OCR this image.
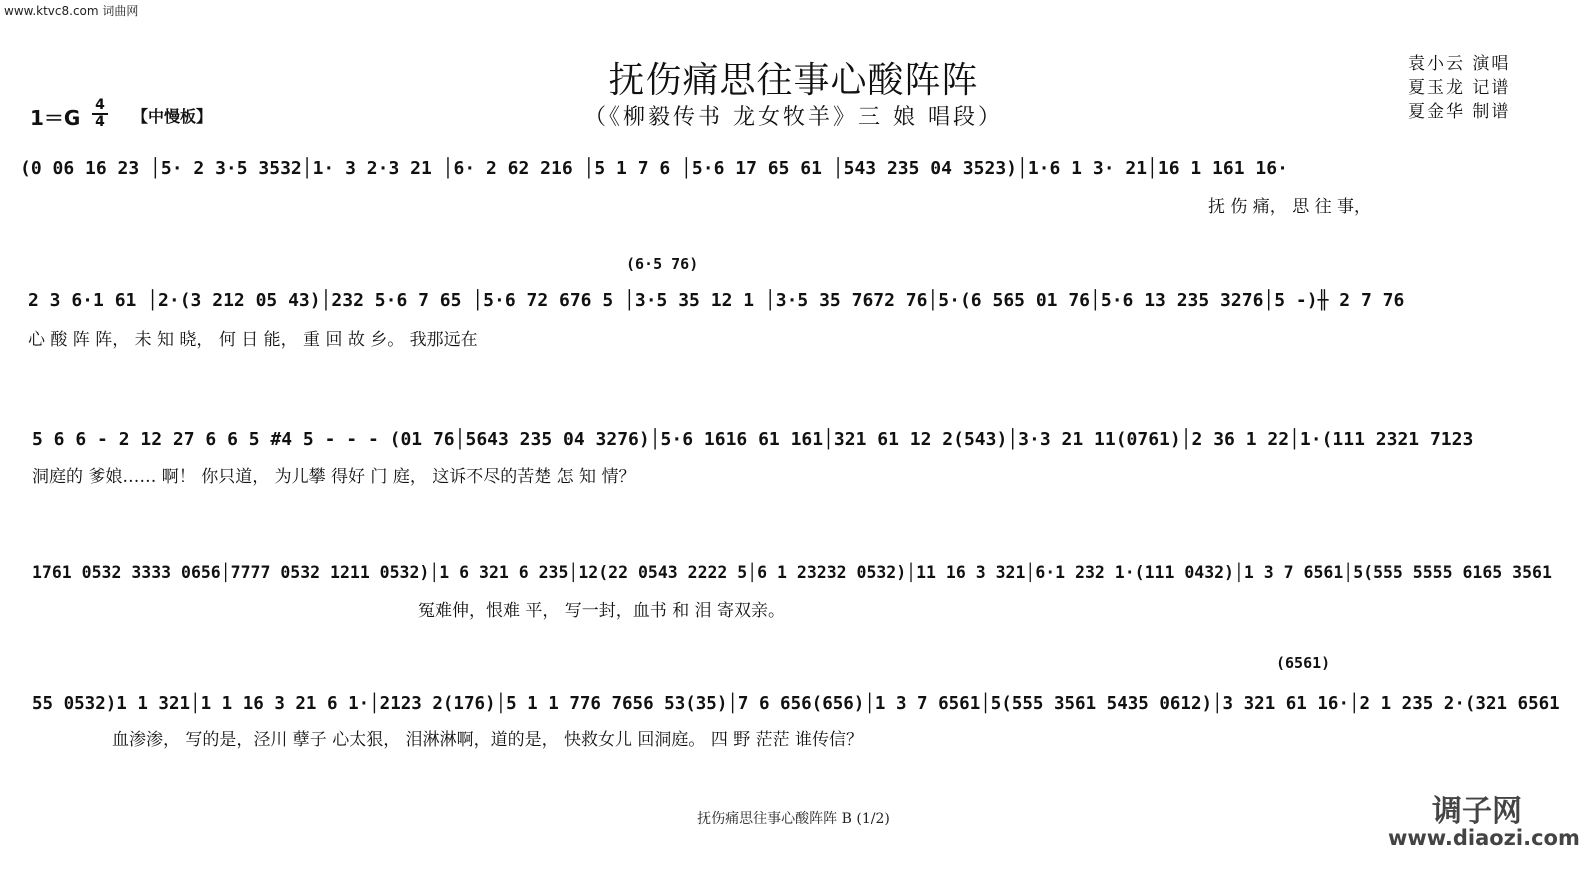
www.ktvc8.com 词曲网
抚伤痛思往事心酸阵阵
（《柳毅传书 龙女牧羊》三 娘 唱段）
袁小云 演唱
夏玉龙 记谱
夏金华 制谱
1＝G
4
4 【中慢板】
(6·5 76)
(6561)
(0 06 16 23 │5· 2 3·5 3532│1· 3 2·3 21 │6· 2 62 216 │5 1 7 6 │5·6 17 65 61 │543 235 04 3523)│1·6 1 3· 21│16 1 161 16·
抚 伤 痛， 思 往 事，
2 3 6·1 61 │2·(3 212 05 43)│232 5·6 7 65 │5·6 72 676 5 │3·5 35 12 1 │3·5 35 7672 76│5·(6 565 01 76│5·6 13 235 3276│5 -)╫ 2 7 76
心 酸 阵 阵， 未 知 晓， 何 日 能， 重 回 故 乡。 我那远在
5 6 6 - 2 12 27 6 6 5 #4 5 - - - (01 76│5643 235 04 3276)│5·6 1616 61 161│321 61 12 2(543)│3·3 21 11(0761)│2 36 1 22│1·(111 2321 7123
洞庭的 爹娘…… 啊！ 你只道， 为儿攀 得好 门 庭， 这诉不尽的苦楚 怎 知 情？
1761 0532 3333 0656│7777 0532 1211 0532)│1 6 321 6 235│12(22 0543 2222 5│6 1 23232 0532)│11 16 3 321│6·1 232 1·(111 0432)│1 3 7 6561│5(555 5555 6165 3561
冤难伸，恨难 平， 写一封，血书 和 泪 寄双亲。
55 0532)1 1 321│1 1 16 3 21 6 1·│2123 2(176)│5 1 1 776 7656 53(35)│7 6 656(656)│1 3 7 6561│5(555 3561 5435 0612)│3 321 61 16·│2 1 235 2·(321 6561
血渗渗， 写的是，泾川 孽子 心太狠， 泪淋淋啊，道的是， 快救女儿 回洞庭。 四 野 茫茫 谁传信？
抚伤痛思往事心酸阵阵 B (1/2)	调子网
www.diaozi.com
